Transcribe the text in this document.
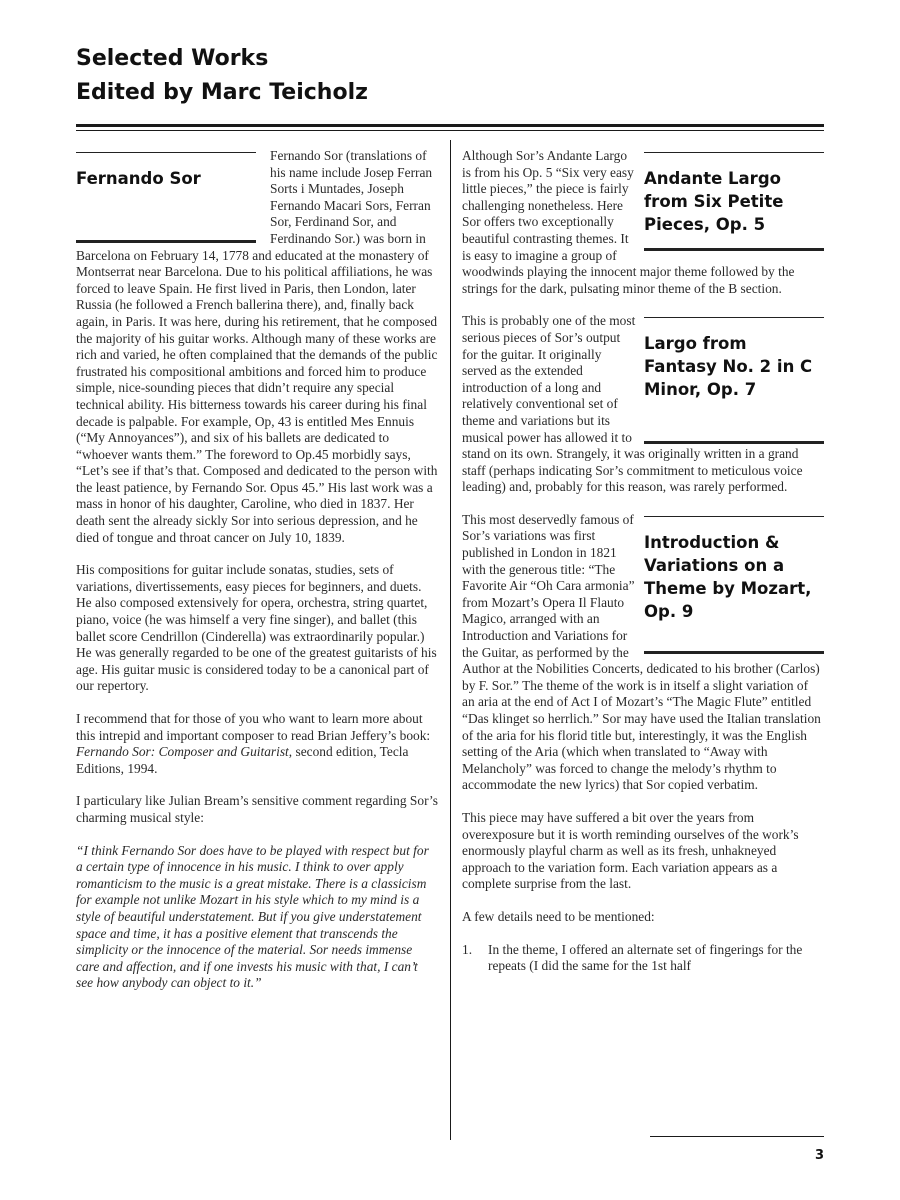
Selected Works
Edited by Marc Teicholz
Fernando Sor

Fernando Sor (translations of his name include Josep Ferran Sorts i Muntades, Joseph Fernando Macari Sors, Ferran Sor, Ferdinand Sor, and Ferdinando Sor.) was born in Barcelona on February 14, 1778 and educated at the monastery of Montserrat near Barcelona. Due to his political affiliations, he was forced to leave Spain. He first lived in Paris, then London, later Russia (he followed a French ballerina there), and, finally back again, in Paris. It was here, during his retirement, that he composed the majority of his guitar works. Although many of these works are rich and varied, he often complained that the demands of the public frustrated his compositional ambitions and forced him to produce simple, nice-sounding pieces that didn’t require any special technical ability. His bitterness towards his career during his final decade is palpable. For example, Op, 43 is entitled Mes Ennuis (“My Annoyances”), and six of his ballets are dedicated to “whoever wants them.” The foreword to Op.45 morbidly says, “Let’s see if that’s that. Composed and dedicated to the person with the least patience, by Fernando Sor. Opus 45.” His last work was a mass in honor of his daughter, Caroline, who died in 1837. Her death sent the already sickly Sor into serious depression, and he died of tongue and throat cancer on July 10, 1839.

His compositions for guitar include sonatas, studies, sets of variations, divertissements, easy pieces for beginners, and duets. He also composed extensively for opera, orchestra, string quartet, piano, voice (he was himself a very fine singer), and ballet (this ballet score Cendrillon (Cinderella) was extraordinarily popular.) He was generally regarded to be one of the greatest guitarists of his age. His guitar music is considered today to be a canonical part of our repertory.

I recommend that for those of you who want to learn more about this intrepid and important composer to read Brian Jeffery’s book: Fernando Sor: Composer and Guitarist, second edition, Tecla Editions, 1994.

I particulary like Julian Bream’s sensitive comment regarding Sor’s charming musical style:

“I think Fernando Sor does have to be played with respect but for a certain type of innocence in his music. I think to over apply romanticism to the music is a great mistake. There is a classicism for example not unlike Mozart in his style which to my mind is a style of beautiful understatement. But if you give understatement space and time, it has a positive element that transcends the simplicity or the innocence of the material. Sor needs immense care and affection, and if one invests his music with that, I can’t see how anybody can object to it.”

Andante Largo from Six Petite Pieces, Op. 5

Although Sor’s Andante Largo is from his Op. 5 “Six very easy little pieces,” the piece is fairly challenging nonetheless. Here Sor offers two exceptionally beautiful contrasting themes. It is easy to imagine a group of woodwinds playing the innocent major theme followed by the strings for the dark, pulsating minor theme of the B section.

Largo from Fantasy No. 2 in C Minor, Op. 7

This is probably one of the most serious pieces of Sor’s output for the guitar. It originally served as the extended introduction of a long and relatively conventional set of theme and variations but its musical power has allowed it to stand on its own. Strangely, it was originally written in a grand staff (perhaps indicating Sor’s commitment to meticulous voice leading) and, probably for this reason, was rarely performed.

Introduction & Variations on a Theme by Mozart, Op. 9

This most deservedly famous of Sor’s variations was first published in London in 1821 with the generous title: “The Favorite Air “Oh Cara armonia” from Mozart’s Opera Il Flauto Magico, arranged with an Introduction and Variations for the Guitar, as performed by the Author at the Nobilities Concerts, dedicated to his brother (Carlos) by F. Sor.” The theme of the work is in itself a slight variation of an aria at the end of Act I of Mozart’s “The Magic Flute” entitled “Das klinget so herrlich.” Sor may have used the Italian translation of the aria for his florid title but, interestingly, it was the English setting of the Aria (which when translated to “Away with Melancholy” was forced to change the melody’s rhythm to accommodate the new lyrics) that Sor copied verbatim.

This piece may have suffered a bit over the years from overexposure but it is worth reminding ourselves of the work’s enormously playful charm as well as its fresh, unhakneyed approach to the variation form. Each variation appears as a complete surprise from the last.

A few details need to be mentioned:

1.	In the theme, I offered an alternate set of fingerings for the repeats (I did the same for the 1st half
3
